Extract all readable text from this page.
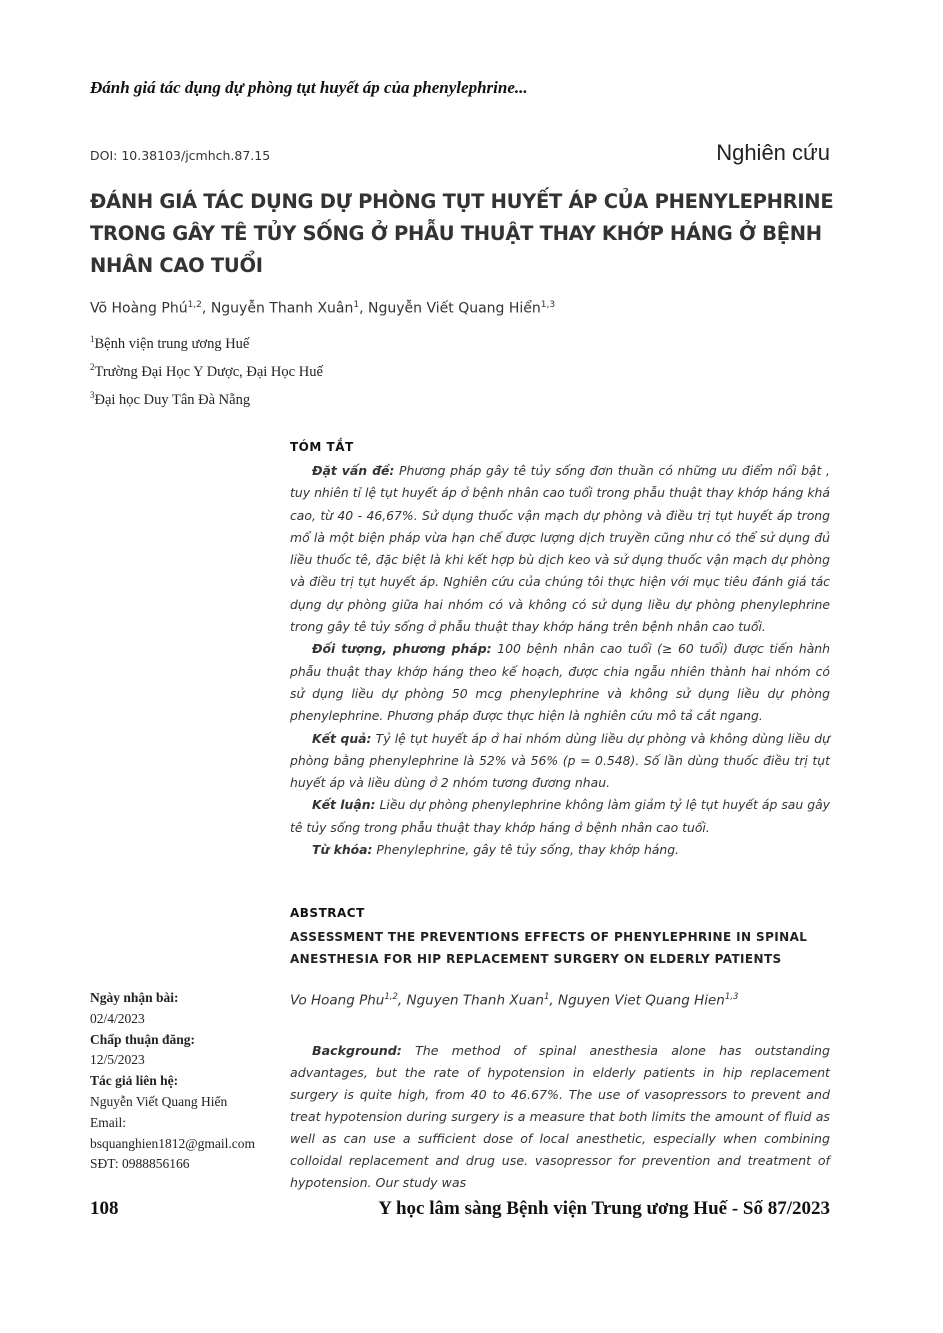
Đánh giá tác dụng dự phòng tụt huyết áp của phenylephrine...
DOI: 10.38103/jcmhch.87.15	Nghiên cứu
ĐÁNH GIÁ TÁC DỤNG DỰ PHÒNG TỤT HUYẾT ÁP CỦA PHENYLEPHRINE TRONG GÂY TÊ TỦY SỐNG Ở PHẪU THUẬT THAY KHỚP HÁNG Ở BỆNH NHÂN CAO TUỔI
Võ Hoàng Phú$^{1,2}$, Nguyễn Thanh Xuân$^1$, Nguyễn Viết Quang Hiển$^{1,3}$
$^1$Bệnh viện trung ương Huế
$^2$Trường Đại Học Y Dược, Đại Học Huế
$^3$Đại học Duy Tân Đà Nẵng
TÓM TẮT

Đặt vấn đề: Phương pháp gây tê tủy sống đơn thuần có những ưu điểm nổi bật , tuy nhiên tỉ lệ tụt huyết áp ở bệnh nhân cao tuổi trong phẫu thuật thay khớp háng khá cao, từ 40 - 46,67%. Sử dụng thuốc vận mạch dự phòng và điều trị tụt huyết áp trong mổ là một biện pháp vừa hạn chế được lượng dịch truyền cũng như có thể sử dụng đủ liều thuốc tê, đặc biệt là khi kết hợp bù dịch keo và sử dụng thuốc vận mạch dự phòng và điều trị tụt huyết áp. Nghiên cứu của chúng tôi thực hiện với mục tiêu đánh giá tác dụng dự phòng giữa hai nhóm có và không có sử dụng liều dự phòng phenylephrine trong gây tê tủy sống ở phẫu thuật thay khớp háng trên bệnh nhân cao tuổi.

Đối tượng, phương pháp: 100 bệnh nhân cao tuổi (≥ 60 tuổi) được tiến hành phẫu thuật thay khớp háng theo kế hoạch, được chia ngẫu nhiên thành hai nhóm có sử dụng liều dự phòng 50 mcg phenylephrine và không sử dụng liều dự phòng phenylephrine. Phương pháp được thực hiện là nghiên cứu mô tả cắt ngang.

Kết quả: Tỷ lệ tụt huyết áp ở hai nhóm dùng liều dự phòng và không dùng liều dự phòng bằng phenylephrine là 52% và 56% (p = 0.548). Số lần dùng thuốc điều trị tụt huyết áp và liều dùng ở 2 nhóm tương đương nhau.

Kết luận: Liều dự phòng phenylephrine không làm giảm tỷ lệ tụt huyết áp sau gây tê tủy sống trong phẫu thuật thay khớp háng ở bệnh nhân cao tuổi.

Từ khóa: Phenylephrine, gây tê tủy sống, thay khớp háng.

ABSTRACT
ASSESSMENT THE PREVENTIONS EFFECTS OF PHENYLEPHRINE IN SPINAL ANESTHESIA FOR HIP REPLACEMENT SURGERY ON ELDERLY PATIENTS
Vo Hoang Phu$^{1,2}$, Nguyen Thanh Xuan$^1$, Nguyen Viet Quang Hien$^{1,3}$

Background: The method of spinal anesthesia alone has outstanding advantages, but the rate of hypotension in elderly patients in hip replacement surgery is quite high, from 40 to 46.67%. The use of vasopressors to prevent and treat hypotension during surgery is a measure that both limits the amount of fluid as well as can use a sufficient dose of local anesthetic, especially when combining colloidal replacement and drug use. vasopressor for prevention and treatment of hypotension. Our study was

Ngày nhận bài:
02/4/2023
Chấp thuận đăng:
12/5/2023
Tác giả liên hệ:
Nguyễn Viết Quang Hiển
Email:
bsquanghien1812@gmail.com
SĐT: 0988856166
108	Y học lâm sàng Bệnh viện Trung ương Huế - Số 87/2023
